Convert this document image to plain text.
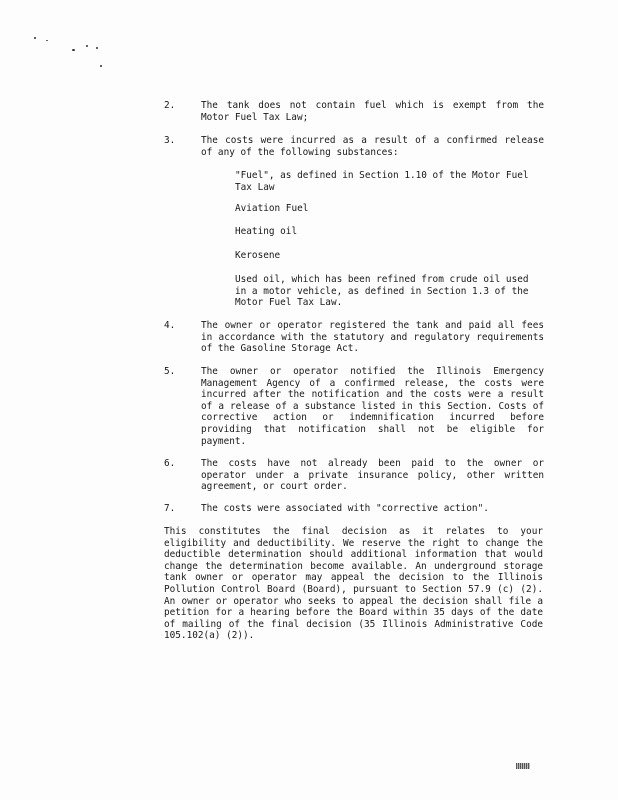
2.	The tank does not contain fuel which is exempt from the Motor Fuel Tax Law;
3.	The costs were incurred as a result of a confirmed release of any of the following substances:
"Fuel", as defined in Section 1.10 of the Motor Fuel Tax Law
Aviation Fuel
Heating oil
Kerosene
Used oil, which has been refined from crude oil used in a motor vehicle, as defined in Section 1.3 of the Motor Fuel Tax Law.
4.	The owner or operator registered the tank and paid all fees in accordance with the statutory and regulatory requirements of the Gasoline Storage Act.
5.	The owner or operator notified the Illinois Emergency Management Agency of a confirmed release, the costs were incurred after the notification and the costs were a result of a release of a substance listed in this Section. Costs of corrective action or indemnification incurred before providing that notification shall not be eligible for payment.
6.	The costs have not already been paid to the owner or operator under a private insurance policy, other written agreement, or court order.
7.	The costs were associated with "corrective action".
This constitutes the final decision as it relates to your eligibility and deductibility. We reserve the right to change the deductible determination should additional information that would change the determination become available. An underground storage tank owner or operator may appeal the decision to the Illinois Pollution Control Board (Board), pursuant to Section 57.9 (c) (2). An owner or operator who seeks to appeal the decision shall file a petition for a hearing before the Board within 35 days of the date of mailing of the final decision (35 Illinois Administrative Code 105.102(a) (2)).
